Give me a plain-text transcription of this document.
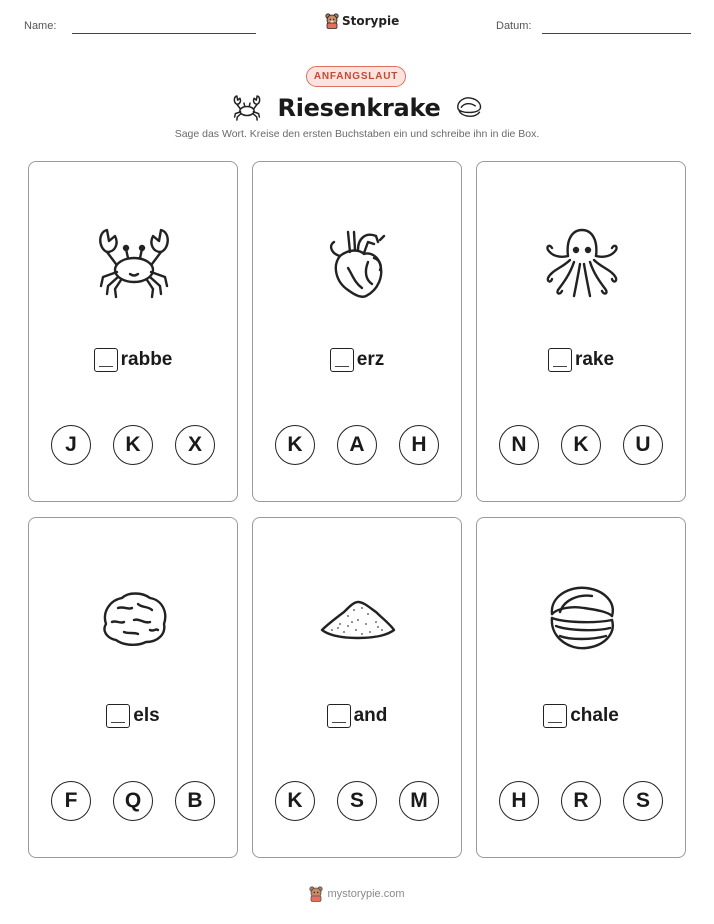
Name:	Storypie	Datum:
ANFANGSLAUT
Riesenkrake
Sage das Wort. Kreise den ersten Buchstaben ein und schreibe ihn in die Box.
rabbe
J	K	X
erz
K	A	H
rake
N	K	U
els
F	Q	B
and
K	S	M
chale
H	R	S
mystorypie.com
